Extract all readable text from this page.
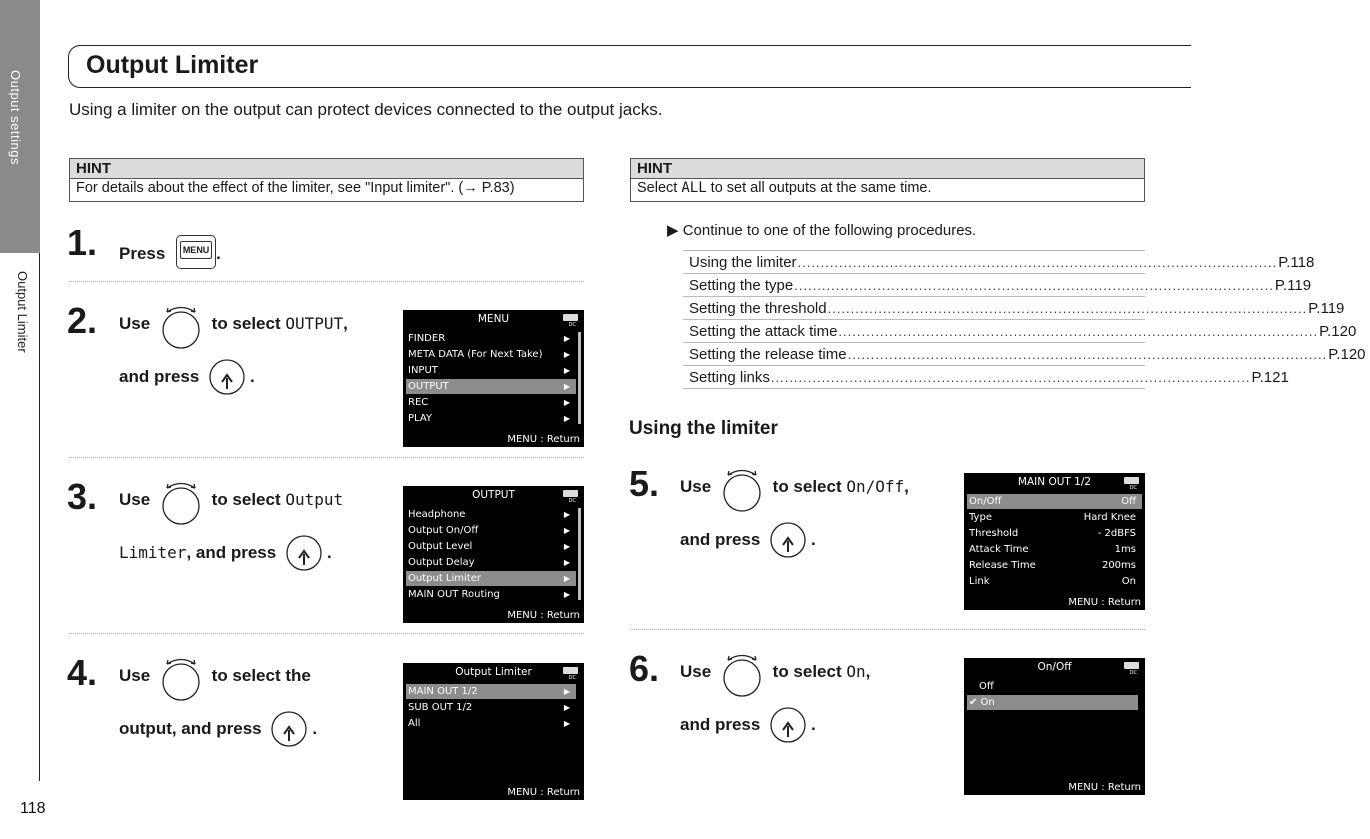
Output settings
Output Limiter
118
Output Limiter
Using a limiter on the output can protect devices connected to the output jacks.
HINT
For details about the effect of the limiter, see "Input limiter". (→ P.83)
HINT
Select ALL to set all outputs at the same time.
1. Press	MENU .
2. Use	to select OUTPUT,
and press	.
MENU	DC
FINDER	▶
META DATA (For Next Take)	▶
INPUT	▶
OUTPUT	▶
REC	▶
PLAY	▶
MENU : Return
3. Use	to select Output
Limiter, and press	.
OUTPUT	DC
Headphone	▶
Output On/Off	▶
Output Level	▶
Output Delay	▶
Output Limiter	▶
MAIN OUT Routing	▶
MENU : Return
4. Use	to select the
output, and press	.
Output Limiter	DC
MAIN OUT 1/2	▶
SUB OUT 1/2	▶
All	▶
MENU : Return
▶ Continue to one of the following procedures.
Using the limiter ........................................................................................................ P.118
Setting the type ........................................................................................................ P.119
Setting the threshold ........................................................................................................ P.119
Setting the attack time ........................................................................................................ P.120
Setting the release time ........................................................................................................ P.120
Setting links ........................................................................................................ P.121
Using the limiter
5. Use	to select On/Off,
and press	.
MAIN OUT 1/2	DC
On/Off	Off
Type	Hard Knee
Threshold	- 2dBFS
Attack Time	1ms
Release Time	200ms
Link	On
MENU : Return
6. Use	to select On,
and press	.
On/Off	DC
Off
✔ On
MENU : Return
